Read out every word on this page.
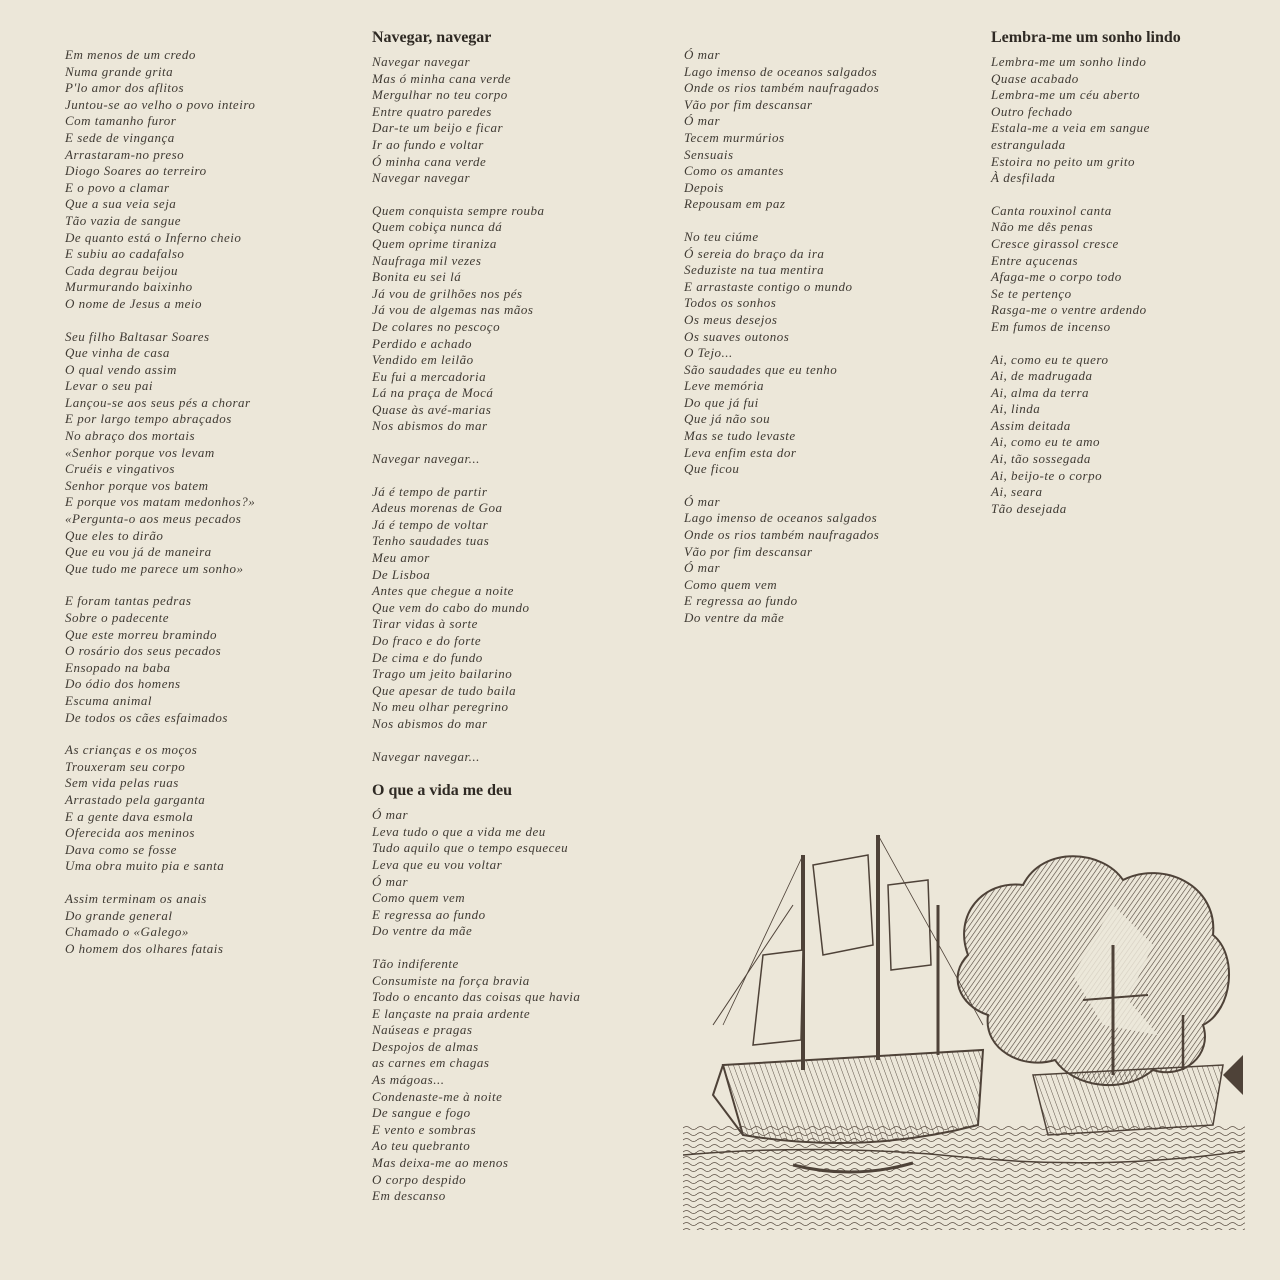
Em menos de um credo
Numa grande grita
P'lo amor dos aflitos
Juntou-se ao velho o povo inteiro
Com tamanho furor
E sede de vingança
Arrastaram-no preso
Diogo Soares ao terreiro
E o povo a clamar
Que a sua veia seja
Tão vazia de sangue
De quanto está o Inferno cheio
E subiu ao cadafalso
Cada degrau beijou
Murmurando baixinho
O nome de Jesus a meio
Seu filho Baltasar Soares
Que vinha de casa
O qual vendo assim
Levar o seu pai
Lançou-se aos seus pés a chorar
E por largo tempo abraçados
No abraço dos mortais
«Senhor porque vos levam
Cruéis e vingativos
Senhor porque vos batem
E porque vos matam medonhos?»
«Pergunta-o aos meus pecados
Que eles to dirão
Que eu vou já de maneira
Que tudo me parece um sonho»
E foram tantas pedras
Sobre o padecente
Que este morreu bramindo
O rosário dos seus pecados
Ensopado na baba
Do ódio dos homens
Escuma animal
De todos os cães esfaimados
As crianças e os moços
Trouxeram seu corpo
Sem vida pelas ruas
Arrastado pela garganta
E a gente dava esmola
Oferecida aos meninos
Dava como se fosse
Uma obra muito pia e santa
Assim terminam os anais
Do grande general
Chamado o «Galego»
O homem dos olhares fatais
Navegar, navegar
Navegar navegar
Mas ó minha cana verde
Mergulhar no teu corpo
Entre quatro paredes
Dar-te um beijo e ficar
Ir ao fundo e voltar
Ó minha cana verde
Navegar navegar
Quem conquista sempre rouba
Quem cobiça nunca dá
Quem oprime tiraniza
Naufraga mil vezes
Bonita eu sei lá
Já vou de grilhões nos pés
Já vou de algemas nas mãos
De colares no pescoço
Perdido e achado
Vendido em leilão
Eu fui a mercadoria
Lá na praça de Mocá
Quase às avé-marias
Nos abismos do mar
Navegar navegar...
Já é tempo de partir
Adeus morenas de Goa
Já é tempo de voltar
Tenho saudades tuas
Meu amor
De Lisboa
Antes que chegue a noite
Que vem do cabo do mundo
Tirar vidas à sorte
Do fraco e do forte
De cima e do fundo
Trago um jeito bailarino
Que apesar de tudo baila
No meu olhar peregrino
Nos abismos do mar
Navegar navegar...
O que a vida me deu
Ó mar
Leva tudo o que a vida me deu
Tudo aquilo que o tempo esqueceu
Leva que eu vou voltar
Ó mar
Como quem vem
E regressa ao fundo
Do ventre da mãe
Tão indiferente
Consumiste na força bravia
Todo o encanto das coisas que havia
E lançaste na praia ardente
Naúseas e pragas
Despojos de almas
as carnes em chagas
As mágoas...
Condenaste-me à noite
De sangue e fogo
E vento e sombras
Ao teu quebranto
Mas deixa-me ao menos
O corpo despido
Em descanso
Ó mar
Lago imenso de oceanos salgados
Onde os rios também naufragados
Vão por fim descansar
Ó mar
Tecem murmúrios
Sensuais
Como os amantes
Depois
Repousam em paz
No teu ciúme
Ó sereia do braço da ira
Seduziste na tua mentira
E arrastaste contigo o mundo
Todos os sonhos
Os meus desejos
Os suaves outonos
O Tejo...
São saudades que eu tenho
Leve memória
Do que já fui
Que já não sou
Mas se tudo levaste
Leva enfim esta dor
Que ficou
Ó mar
Lago imenso de oceanos salgados
Onde os rios também naufragados
Vão por fim descansar
Ó mar
Como quem vem
E regressa ao fundo
Do ventre da mãe
Lembra-me um sonho lindo
Lembra-me um sonho lindo
Quase acabado
Lembra-me um céu aberto
Outro fechado
Estala-me a veia em sangue
estrangulada
Estoira no peito um grito
À desfilada
Canta rouxinol canta
Não me dês penas
Cresce girassol cresce
Entre açucenas
Afaga-me o corpo todo
Se te pertenço
Rasga-me o ventre ardendo
Em fumos de incenso
Ai, como eu te quero
Ai, de madrugada
Ai, alma da terra
Ai, linda
Assim deitada
Ai, como eu te amo
Ai, tão sossegada
Ai, beijo-te o corpo
Ai, seara
Tão desejada
